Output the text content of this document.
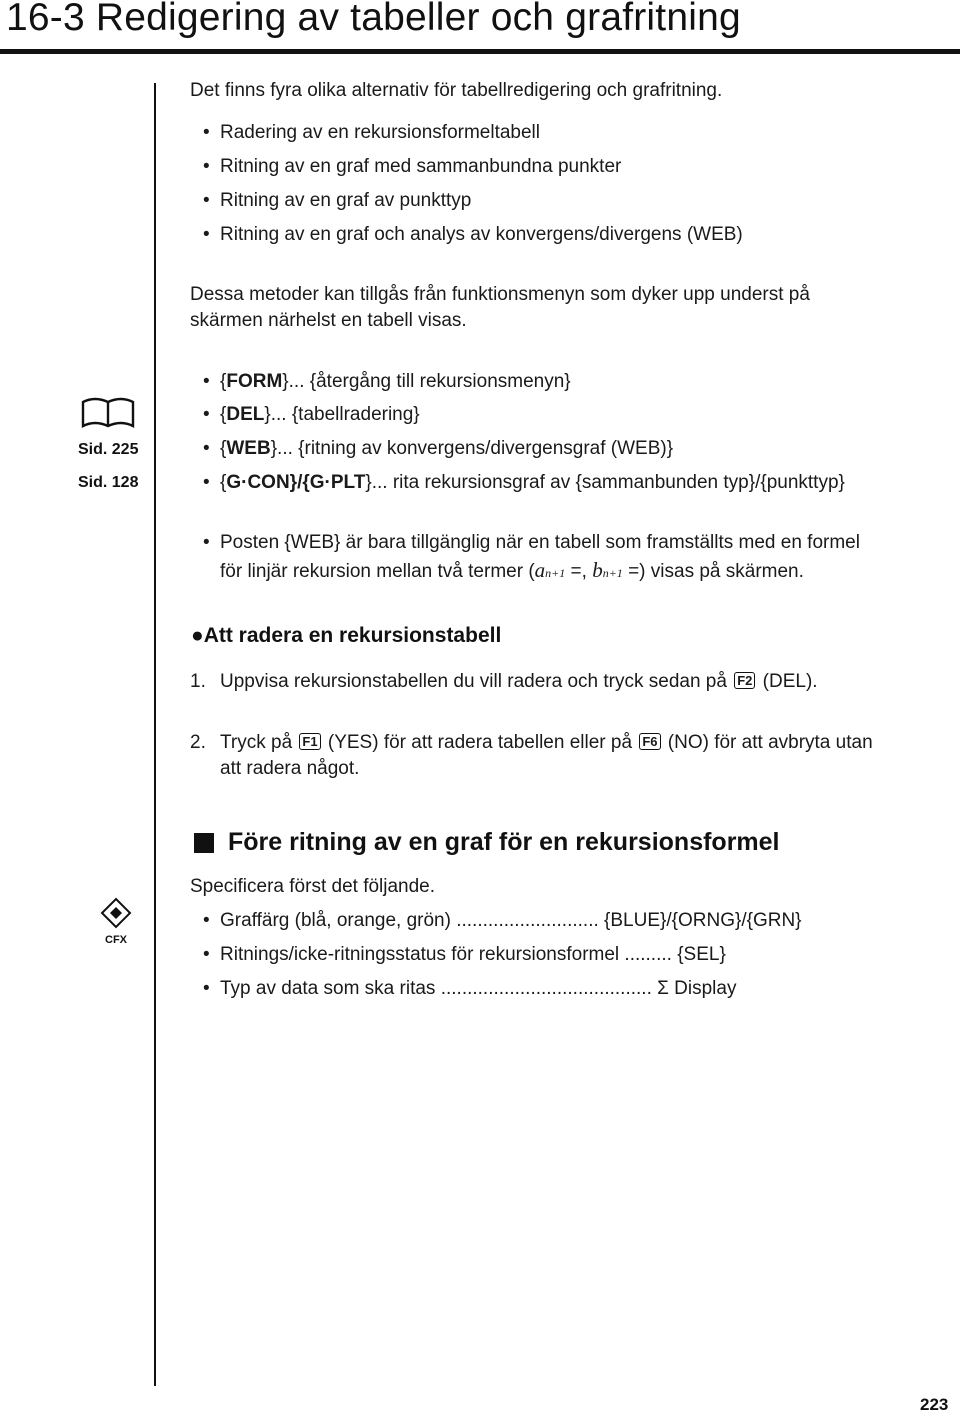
16-3 Redigering av tabeller och grafritning
Det finns fyra olika alternativ för tabellredigering och grafritning.
• Radering av en rekursionsformeltabell
• Ritning av en graf med sammanbundna punkter
• Ritning av en graf av punkttyp
• Ritning av en graf och analys av konvergens/divergens (WEB)
Dessa metoder kan tillgås från funktionsmenyn som dyker upp underst på
skärmen närhelst en tabell visas.
Sid. 225
Sid. 128
• {FORM}... {återgång till rekursionsmenyn}
• {DEL}... {tabellradering}
• {WEB}... {ritning av konvergens/divergensgraf (WEB)}
• {G·CON}/{G·PLT}... rita rekursionsgraf av {sammanbunden typ}/{punkttyp}
• Posten {WEB} är bara tillgänglig när en tabell som framställts med en formel
för linjär rekursion mellan två termer (an+1 =, bn+1 =) visas på skärmen.
●Att radera en rekursionstabell
1. Uppvisa rekursionstabellen du vill radera och tryck sedan på F2 (DEL).
2. Tryck på F1 (YES) för att radera tabellen eller på F6 (NO) för att avbryta utan
att radera något.
Före ritning av en graf för en rekursionsformel
CFX
Specificera först det följande.
• Graffärg (blå, orange, grön) ........................... {BLUE}/{ORNG}/{GRN}
• Ritnings/icke-ritningsstatus för rekursionsformel ......... {SEL}
• Typ av data som ska ritas ........................................ Σ Display
223
